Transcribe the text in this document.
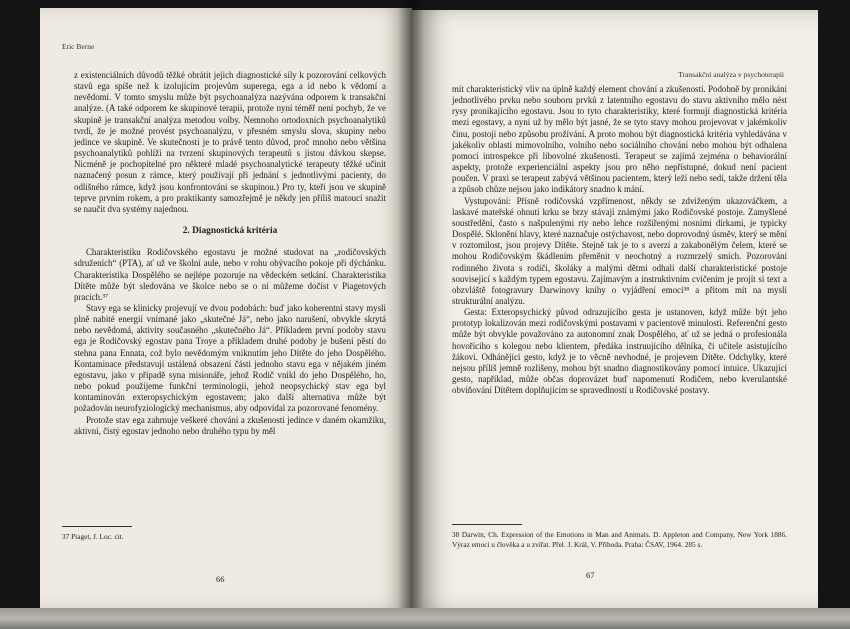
Eric Berne

z existenciálních důvodů těžké obrátit jejich diagnostické síly k pozorování celkových stavů ega spíše než k izolujícím projevům superega, ega a id nebo k vědomí a nevědomí. V tomto smyslu může být psychoanalýza nazývána odporem k transakční analýze. (A také odporem ke skupinové terapii, protože nyní téměř není pochyb, že ve skupině je transakční analýza metodou volby. Nemnoho ortodoxních psychoanalytiků tvrdí, že je možné provést psychoanalýzu, v přesném smyslu slova, skupiny nebo jedince ve skupině. Ve skutečnosti je to právě tento důvod, proč mnoho nebo většina psychoanalytiků pohlíží na tvrzení skupinových terapeutů s jistou dávkou skepse. Nicméně je pochopitelné pro některé mladé psychoanalytické terapeuty těžké učinit naznačený posun z rámce, který používají při jednání s jednotlivými pacienty, do odlišného rámce, když jsou konfrontováni se skupinou.) Pro ty, kteří jsou ve skupině teprve prvním rokem, a pro praktikanty samozřejmě je někdy jen příliš matoucí snažit se naučit dva systémy najednou.

2. Diagnostická kritéria

Charakteristiku Rodičovského egostavu je možné studovat na „rodičovských sdruženích“ (PTA), ať už ve školní aule, nebo v rohu obývacího pokoje při dýchánku. Charakteristika Dospělého se nejlépe pozoruje na vědeckém setkání. Charakteristika Dítěte může být sledována ve školce nebo se o ní můžeme dočíst v Piagetových pracích.³⁷

Stavy ega se klinicky projevují ve dvou podobách: buď jako koherentní stavy mysli plně nabité energií vnímané jako „skutečné Já“, nebo jako narušení, obvykle skrytá nebo nevědomá, aktivity současného „skutečného Já“. Příkladem první podoby stavu ega je Rodičovský egostav pana Troye a příkladem druhé podoby je bušení pěstí do stehna pana Ennata, což bylo nevědomým vniknutím jeho Dítěte do jeho Dospělého. Kontaminace představují ustálená obsazení části jednoho stavu ega v nějakém jiném egostavu, jako v případě syna misionáře, jehož Rodič vnikl do jeho Dospělého, ho, nebo pokud použijeme funkční terminologii, jehož neopsychický stav ega byl kontaminován exteropsychickým egostavem; jako další alternativa může být požadován neurofyziologický mechanismus, aby odpovídal za pozorované fenomény.

Protože stav ega zahrnuje veškeré chování a zkušenosti jedince v daném okamžiku, aktivní, čistý egostav jednoho nebo druhého typu by měl

37 Piaget, J. Loc. cit.
66
Transakční analýza v psychoterapii

mít charakteristický vliv na úplně každý element chování a zkušeností. Podobně by pronikání jednotlivého prvku nebo souboru prvků z latentního egostavu do stavu aktivního mělo nést rysy pronikajícího egostavu. Jsou to tyto charakteristiky, které formují diagnostická kritéria mezi egostavy, a nyní už by mělo být jasné, že se tyto stavy mohou projevovat v jakémkoliv činu, postoji nebo způsobu prožívání. A proto mohou být diagnostická kritéria vyhledávána v jakékoliv oblasti mimovolního, volního nebo sociálního chování nebo mohou být odhalena pomocí introspekce při libovolné zkušenosti. Terapeut se zajímá zejména o behaviorální aspekty, protože experienciální aspekty jsou pro něho nepřístupné, dokud není pacient poučen. V praxi se terapeut zabývá většinou pacientem, který leží nebo sedí, takže držení těla a způsob chůze nejsou jako indikátory snadno k mání.

Vystupování: Přísně rodičovská vzpřímenost, někdy se zdviženým ukazováčkem, a laskavé mateřské ohnutí krku se brzy stávají známými jako Rodičovské postoje. Zamyšlené soustředění, často s našpulenými rty nebo lehce rozšířenými nosními dírkami, je typicky Dospělé. Sklonění hlavy, které naznačuje ostýchavost, nebo doprovodný úsměv, který se mění v roztomilost, jsou projevy Dítěte. Stejně tak je to s averzí a zakabonělým čelem, které se mohou Rodičovským škádlením přeměnit v neochotný a rozmrzelý smích. Pozorování rodinného života s rodiči, školáky a malými dětmi odhalí další charakteristické postoje související s každým typem egostavu. Zajímavým a instruktivním cvičením je projít si text a obzvláště fotogravury Darwinovy knihy o vyjádření emocí³⁸ a přitom mít na mysli strukturální analýzu.

Gesta: Exteropsychický původ odrazujícího gesta je ustanoven, když může být jeho prototyp lokalizován mezi rodičovskými postavami v pacientově minulosti. Referenční gesto může být obvykle považováno za autonomní znak Dospělého, ať už se jedná o profesionála hovořícího s kolegou nebo klientem, předáka instruujícího dělníka, či učitele asistujícího žákovi. Odhánějící gesto, když je to věcně nevhodné, je projevem Dítěte. Odchylky, které nejsou příliš jemně rozlišeny, mohou být snadno diagnostikovány pomocí intuice. Ukazující gesto, například, může občas doprovázet buď napomenutí Rodičem, nebo kverulantské obviňování Dítětem doplňujícím se spravedlností u Rodičovské postavy.

38 Darwin, Ch. Expression of the Emotions in Man and Animals. D. Appleton and Company, New York 1886. Výraz emocí u člověka a u zvířat. Přel. J. Král, V. Příhoda. Praha: ČSAV, 1964. 285 s.
67
